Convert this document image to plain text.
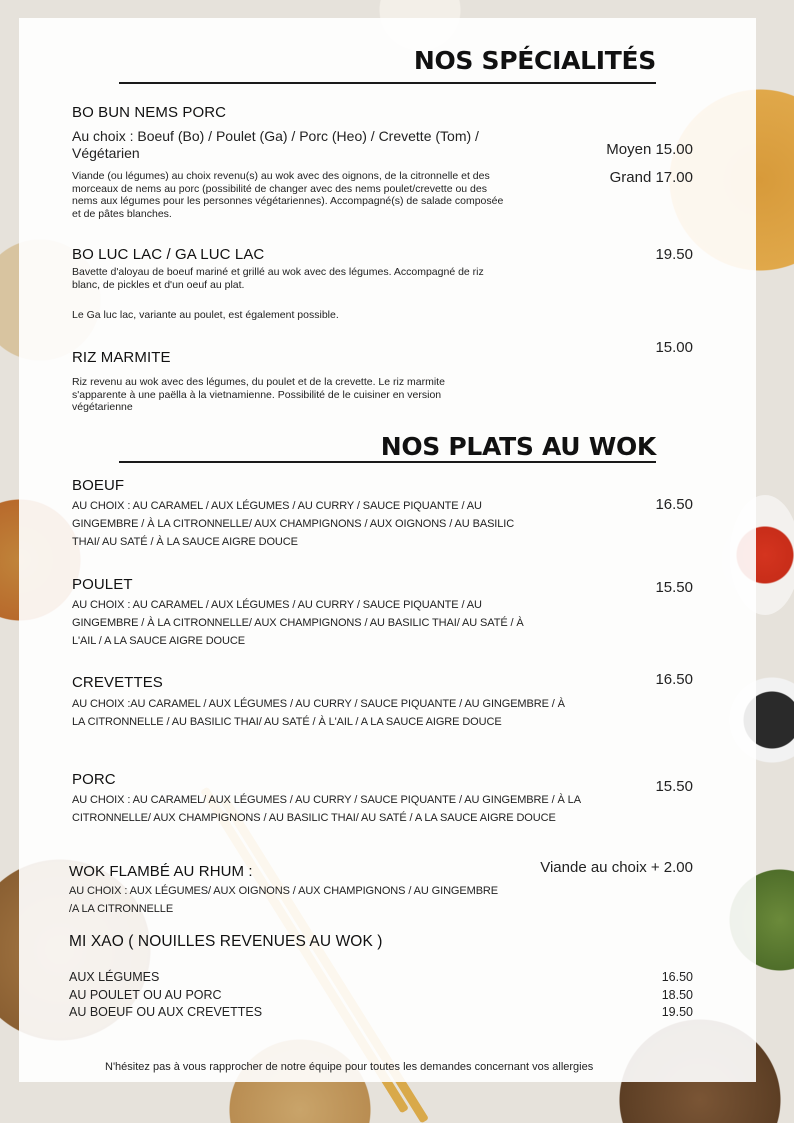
NOS SPÉCIALITÉS
BO BUN NEMS PORC
Au choix : Boeuf (Bo) / Poulet (Ga) / Porc (Heo) / Crevette (Tom) / Végétarien
Viande (ou légumes) au choix revenu(s) au wok avec des oignons, de la citronnelle et des morceaux de nems au porc (possibilité de changer avec des nems poulet/crevette ou des nems aux légumes pour les personnes végétariennes). Accompagné(s) de salade composée et de pâtes blanches.
Moyen 15.00
Grand 17.00
BO LUC LAC / GA LUC LAC
Bavette d'aloyau de boeuf mariné et grillé au wok avec des légumes. Accompagné de riz blanc, de pickles et d'un oeuf au plat.
Le Ga luc lac, variante au poulet, est également possible.
19.50
RIZ MARMITE
Riz revenu au wok avec des légumes, du poulet et de la crevette. Le riz marmite s'apparente à une paëlla à la vietnamienne. Possibilité de le cuisiner en version végétarienne
15.00
NOS PLATS AU WOK
BOEUF
AU CHOIX : AU CARAMEL / AUX LÉGUMES / AU CURRY / SAUCE PIQUANTE / AU GINGEMBRE / À LA CITRONNELLE/ AUX CHAMPIGNONS / AUX OIGNONS / AU BASILIC THAI/ AU SATÉ / À LA SAUCE AIGRE DOUCE
16.50
POULET
AU CHOIX : AU CARAMEL / AUX LÉGUMES / AU CURRY / SAUCE PIQUANTE / AU GINGEMBRE / À LA CITRONNELLE/ AUX CHAMPIGNONS / AU BASILIC THAI/ AU SATÉ / À L'AIL / A LA SAUCE AIGRE DOUCE
15.50
CREVETTES
AU CHOIX :AU CARAMEL / AUX LÉGUMES / AU CURRY / SAUCE PIQUANTE / AU GINGEMBRE / À LA CITRONNELLE / AU BASILIC THAI/ AU SATÉ / À L'AIL / A LA SAUCE AIGRE DOUCE
16.50
PORC
AU CHOIX : AU CARAMEL/ AUX LÉGUMES / AU CURRY / SAUCE PIQUANTE / AU GINGEMBRE / À LA CITRONNELLE/ AUX CHAMPIGNONS / AU BASILIC THAI/ AU SATÉ / A LA SAUCE AIGRE DOUCE
15.50
WOK FLAMBÉ AU RHUM :
AU CHOIX : AUX LÉGUMES/ AUX OIGNONS / AUX CHAMPIGNONS / AU GINGEMBRE /A LA CITRONNELLE
Viande au choix + 2.00
MI XAO ( NOUILLES REVENUES AU WOK )
AUX LÉGUMES
AU POULET OU AU PORC
AU BOEUF OU AUX CREVETTES
16.50
18.50
19.50
N'hésitez pas à vous rapprocher de notre équipe pour toutes les demandes concernant vos allergies
